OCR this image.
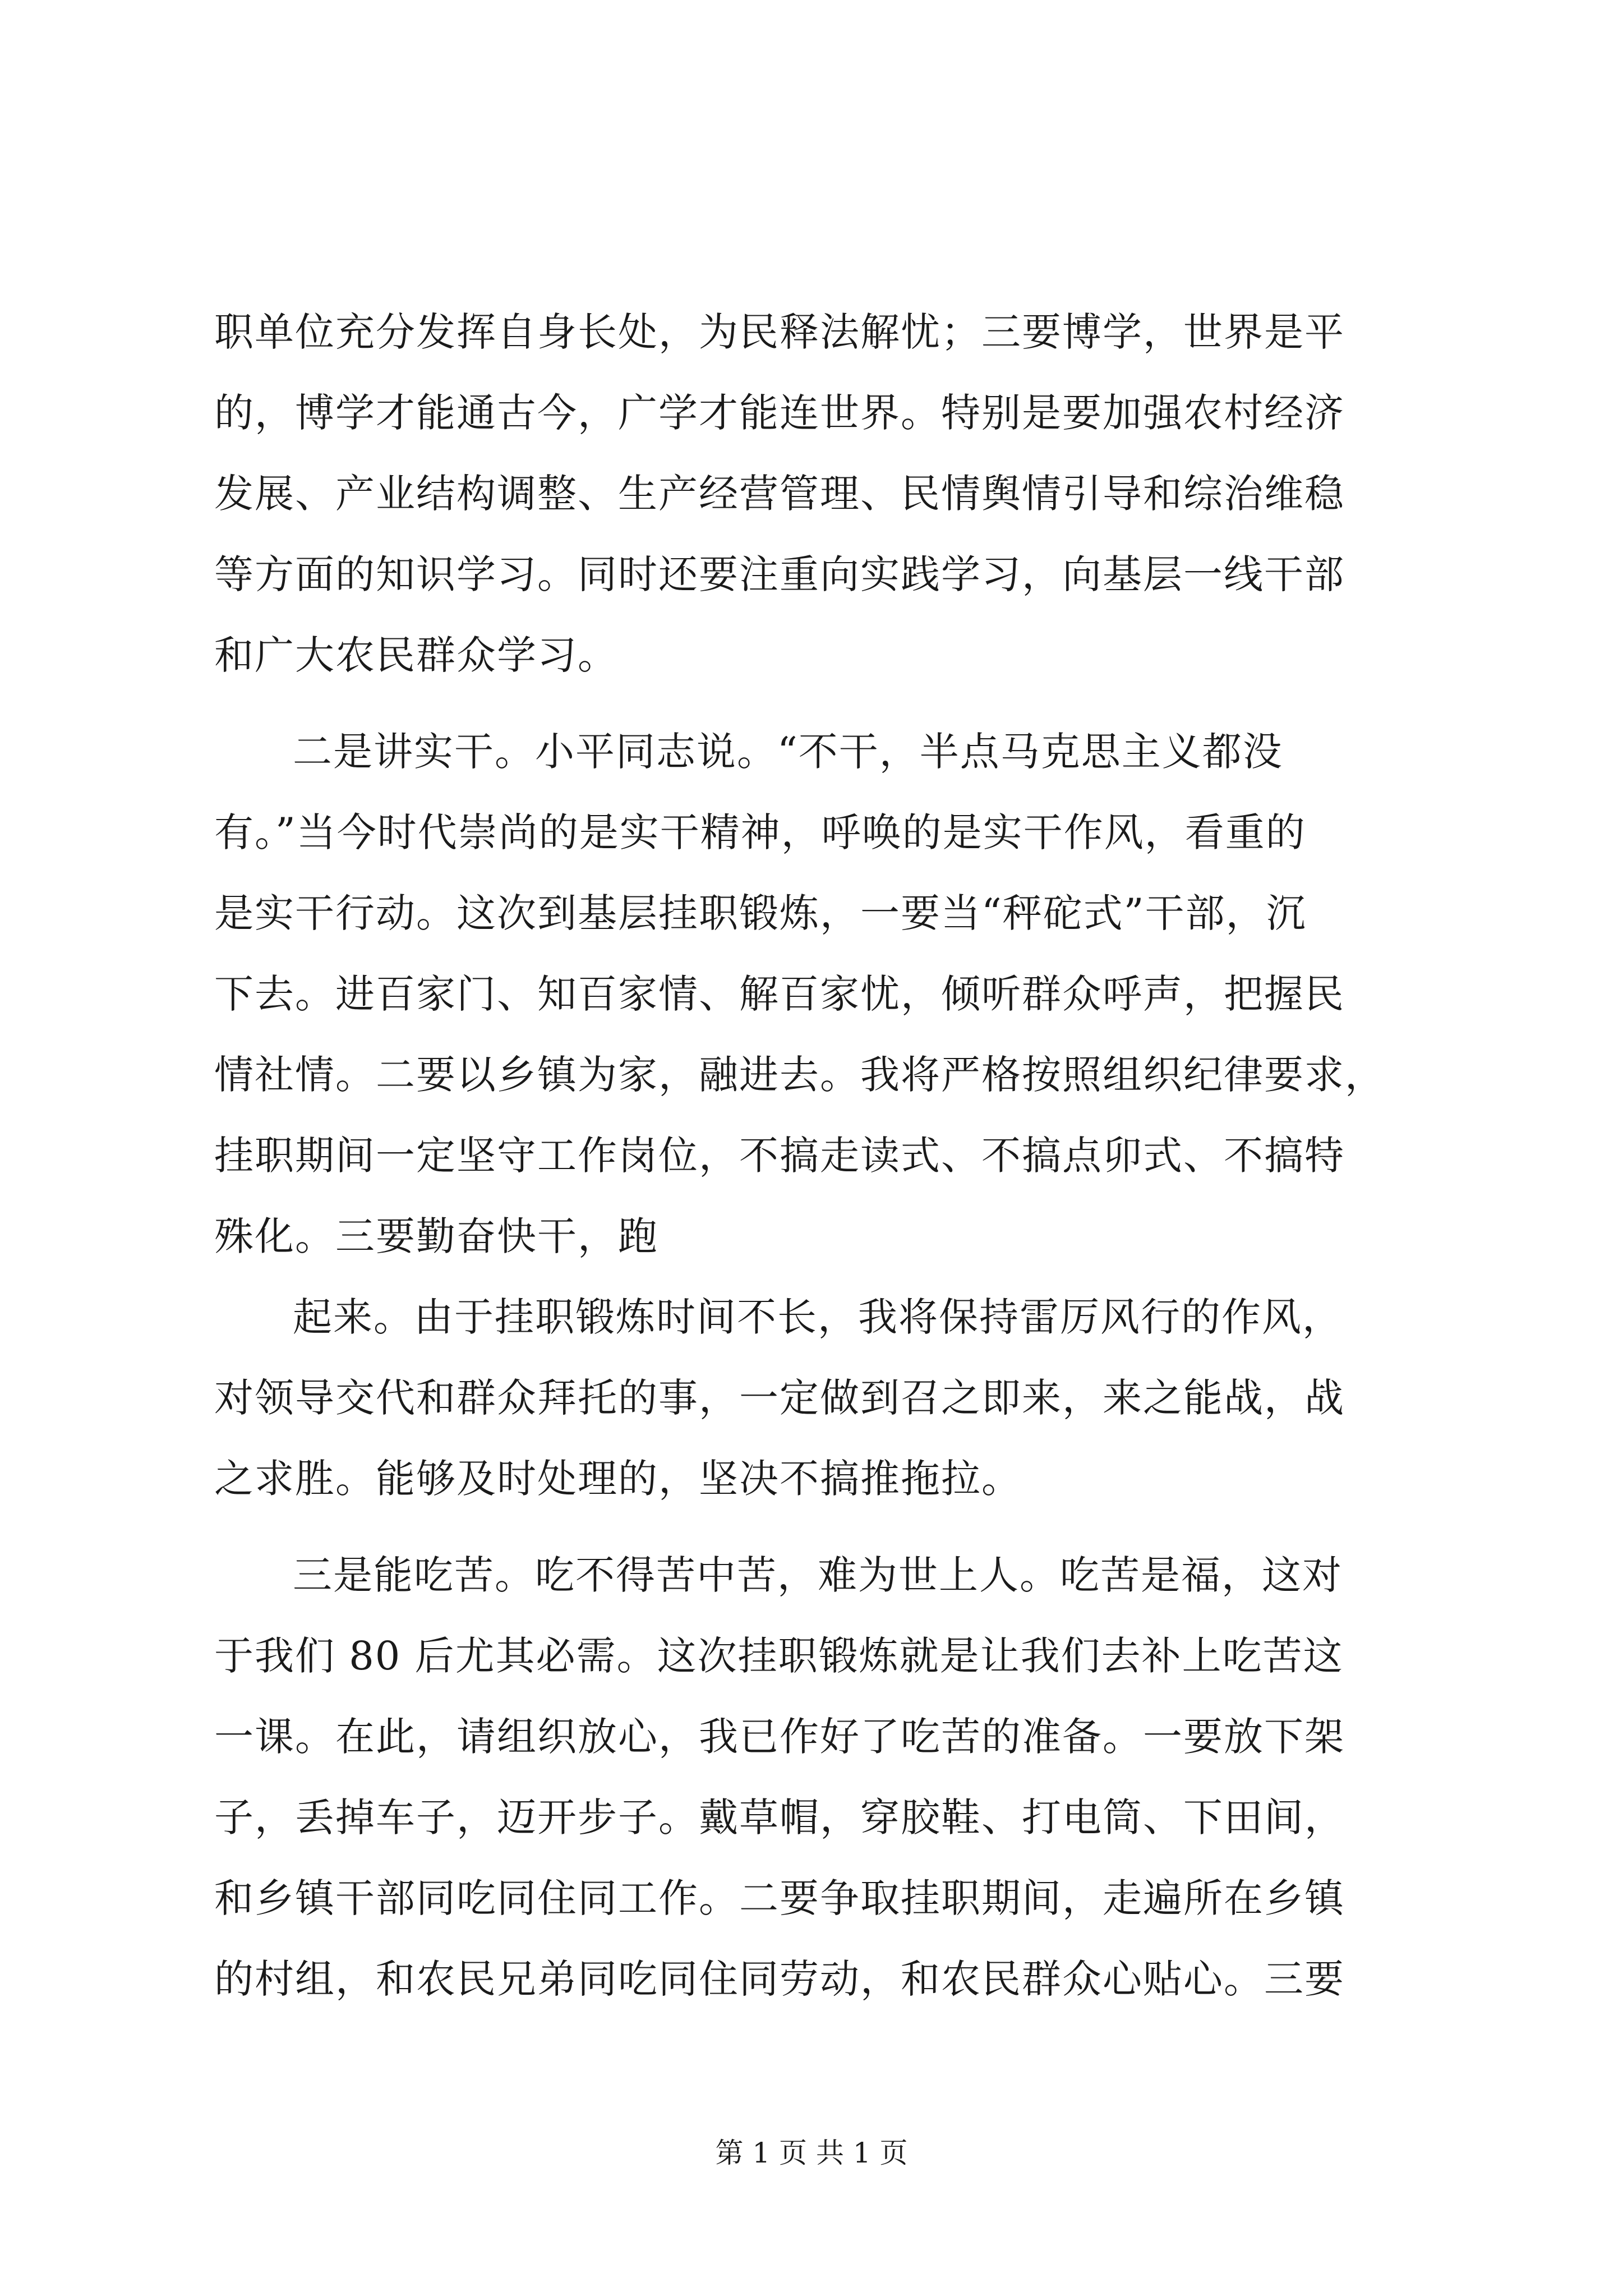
职单位充分发挥自身长处，为民释法解忧；三要博学，世界是平
的，博学才能通古今，广学才能连世界。特别是要加强农村经济
发展、产业结构调整、生产经营管理、民情舆情引导和综治维稳
等方面的知识学习。同时还要注重向实践学习，向基层一线干部
和广大农民群众学习。
二是讲实干。小平同志说。“不干，半点马克思主义都没
有。”当今时代崇尚的是实干精神，呼唤的是实干作风，看重的
是实干行动。这次到基层挂职锻炼，一要当“秤砣式”干部，沉
下去。进百家门、知百家情、解百家忧，倾听群众呼声，把握民
情社情。二要以乡镇为家，融进去。我将严格按照组织纪律要求，
挂职期间一定坚守工作岗位，不搞走读式、不搞点卯式、不搞特
殊化。三要勤奋快干，跑
起来。由于挂职锻炼时间不长，我将保持雷厉风行的作风，
对领导交代和群众拜托的事，一定做到召之即来，来之能战，战
之求胜。能够及时处理的，坚决不搞推拖拉。
三是能吃苦。吃不得苦中苦，难为世上人。吃苦是福，这对
于我们 80 后尤其必需。这次挂职锻炼就是让我们去补上吃苦这
一课。在此，请组织放心，我已作好了吃苦的准备。一要放下架
子，丢掉车子，迈开步子。戴草帽，穿胶鞋、打电筒、下田间，
和乡镇干部同吃同住同工作。二要争取挂职期间，走遍所在乡镇
的村组，和农民兄弟同吃同住同劳动，和农民群众心贴心。三要
第 1 页 共 1 页
